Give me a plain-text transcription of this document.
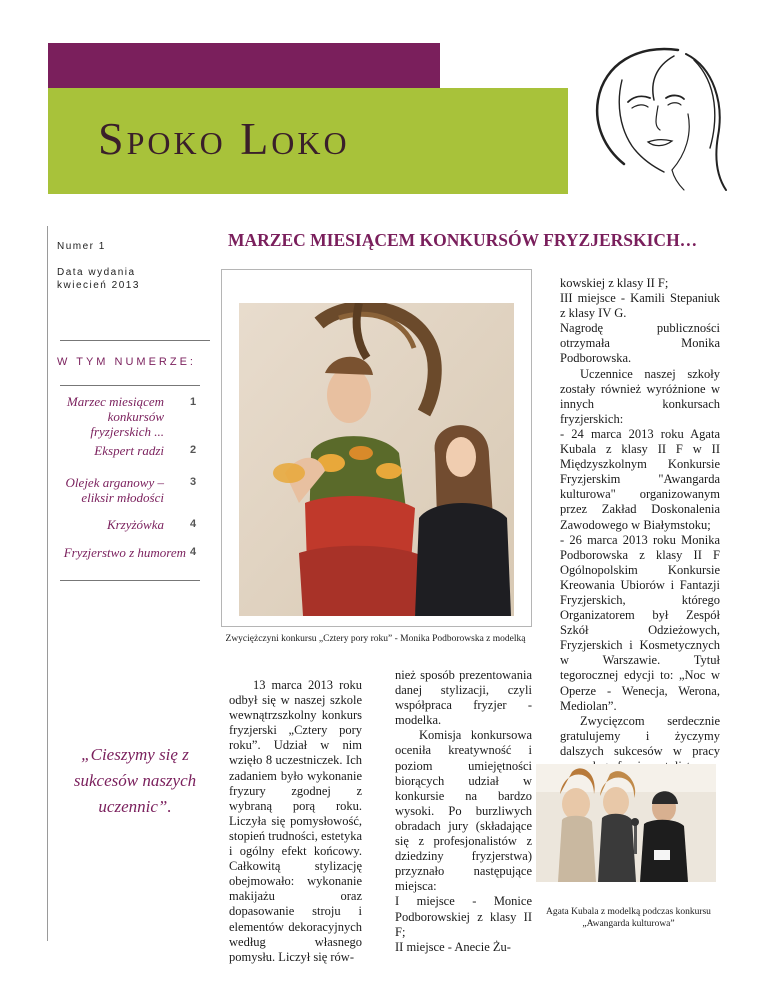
ZSTIO w Białymstoku
Spoko Loko
Numer 1
Data wydania
kwiecień 2013
W TYM NUMERZE:
Marzec miesiącem konkursów fryzjerskich ...
1
Ekspert radzi 2
Olejek arganowy – eliksir młodości
3
Krzyżówka 4
Fryzjerstwo z humorem 4
„Cieszymy się z sukcesów naszych uczennic”.
MARZEC MIESIĄCEM KONKURSÓW FRYZJERSKICH…
Zwyciężczyni konkursu „Cztery pory roku” - Monika Podborowska z modelką

13 marca 2013 roku odbył się w naszej szkole wewnątrzszkolny konkurs fryzjerski „Cztery pory roku”. Udział w nim wzięło 8 uczestniczek. Ich zadaniem było wykonanie fryzury zgodnej z wybraną porą roku. Liczyła się pomysłowość, stopień trudności, estetyka i ogólny efekt końcowy. Całkowitą stylizację obejmowało: wykonanie makijażu oraz dopasowanie stroju i elementów dekoracyjnych według własnego pomysłu. Liczył się rów-

nież sposób prezentowania danej stylizacji, czyli współpraca fryzjer - modelka.

Komisja konkursowa oceniła kreatywność i poziom umiejętności biorących udział w konkursie na bardzo wysoki. Po burzliwych obradach jury (składające się z profesjonalistów z dziedziny fryzjerstwa) przyznało następujące miejsca:

I miejsce - Monice Podborowskiej z klasy II F;

II miejsce - Anecie Żu-

kowskiej z klasy II F;

III miejsce - Kamili Stepaniuk z klasy IV G.

Nagrodę publiczności otrzymała Monika Podborowska.

Uczennice naszej szkoły zostały również wyróżnione w innych konkursach fryzjerskich:

- 24 marca 2013 roku Agata Kubala z klasy II F w II Międzyszkolnym Konkursie Fryzjerskim "Awangarda kulturowa" organizowanym przez Zakład Doskonalenia Zawodowego w Białymstoku;

- 26 marca 2013 roku Monika Podborowska z klasy II F Ogólnopolskim Konkursie Kreowania Ubiorów i Fantazji Fryzjerskich, którego Organizatorem był Zespół Szkół Odzieżowych, Fryzjerskich i Kosmetycznych w Warszawie. Tytuł tegorocznej edycji to: „Noc w Operze - Wenecja, Werona, Mediolan”.

Zwycięzcom serdecznie gratulujemy i życzymy dalszych sukcesów w pracy

Agata Kubala z modelką podczas konkursu „Awangarda kulturowa”
